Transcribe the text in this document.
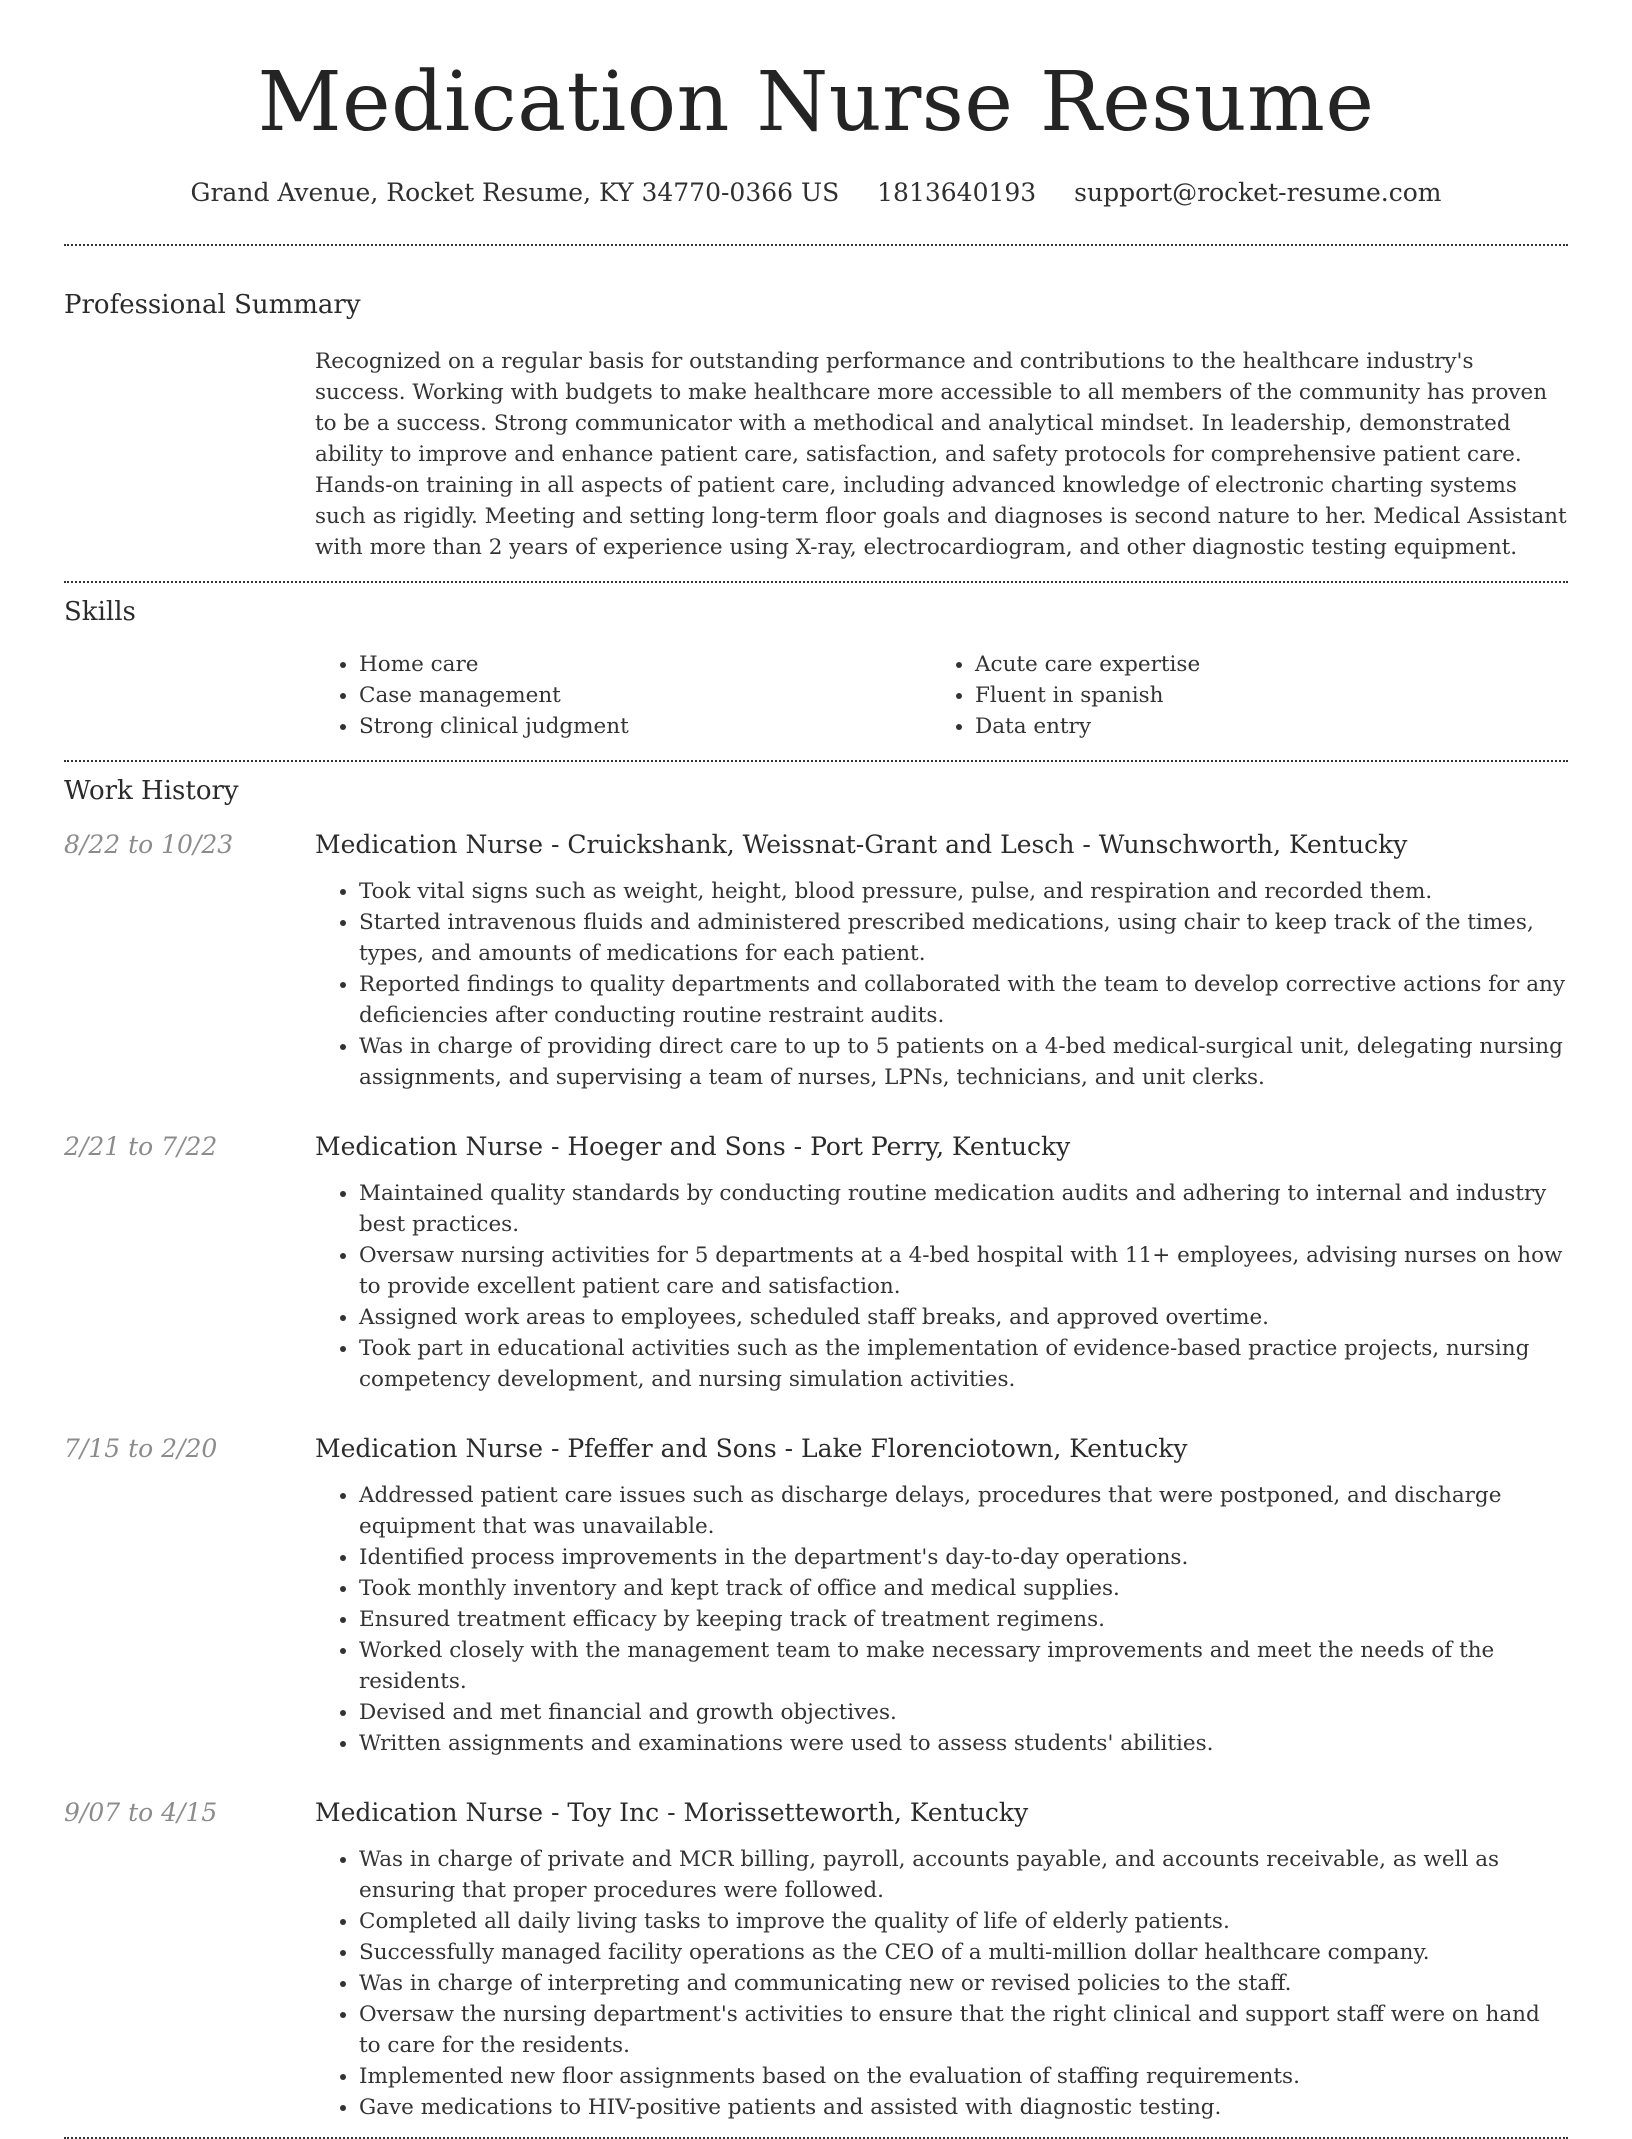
Medication Nurse Resume
Grand Avenue, Rocket Resume, KY 34770-0366 US 1813640193 support@rocket-resume.com
Professional Summary
Recognized on a regular basis for outstanding performance and contributions to the healthcare industry's success. Working with budgets to make healthcare more accessible to all members of the community has proven to be a success. Strong communicator with a methodical and analytical mindset. In leadership, demonstrated ability to improve and enhance patient care, satisfaction, and safety protocols for comprehensive patient care. Hands-on training in all aspects of patient care, including advanced knowledge of electronic charting systems such as rigidly. Meeting and setting long-term floor goals and diagnoses is second nature to her. Medical Assistant with more than 2 years of experience using X-ray, electrocardiogram, and other diagnostic testing equipment.
Skills
• Home care
• Case management
• Strong clinical judgment
• Acute care expertise
• Fluent in spanish
• Data entry
Work History
8/22 to 10/23	Medication Nurse - Cruickshank, Weissnat-Grant and Lesch - Wunschworth, Kentucky
• Took vital signs such as weight, height, blood pressure, pulse, and respiration and recorded them.
• Started intravenous fluids and administered prescribed medications, using chair to keep track of the times, types, and amounts of medications for each patient.
• Reported findings to quality departments and collaborated with the team to develop corrective actions for any deficiencies after conducting routine restraint audits.
• Was in charge of providing direct care to up to 5 patients on a 4-bed medical-surgical unit, delegating nursing assignments, and supervising a team of nurses, LPNs, technicians, and unit clerks.
2/21 to 7/22	Medication Nurse - Hoeger and Sons - Port Perry, Kentucky
• Maintained quality standards by conducting routine medication audits and adhering to internal and industry best practices.
• Oversaw nursing activities for 5 departments at a 4-bed hospital with 11+ employees, advising nurses on how to provide excellent patient care and satisfaction.
• Assigned work areas to employees, scheduled staff breaks, and approved overtime.
• Took part in educational activities such as the implementation of evidence-based practice projects, nursing competency development, and nursing simulation activities.
7/15 to 2/20	Medication Nurse - Pfeffer and Sons - Lake Florenciotown, Kentucky
• Addressed patient care issues such as discharge delays, procedures that were postponed, and discharge equipment that was unavailable.
• Identified process improvements in the department's day-to-day operations.
• Took monthly inventory and kept track of office and medical supplies.
• Ensured treatment efficacy by keeping track of treatment regimens.
• Worked closely with the management team to make necessary improvements and meet the needs of the residents.
• Devised and met financial and growth objectives.
• Written assignments and examinations were used to assess students' abilities.
9/07 to 4/15	Medication Nurse - Toy Inc - Morissetteworth, Kentucky
• Was in charge of private and MCR billing, payroll, accounts payable, and accounts receivable, as well as ensuring that proper procedures were followed.
• Completed all daily living tasks to improve the quality of life of elderly patients.
• Successfully managed facility operations as the CEO of a multi-million dollar healthcare company.
• Was in charge of interpreting and communicating new or revised policies to the staff.
• Oversaw the nursing department's activities to ensure that the right clinical and support staff were on hand to care for the residents.
• Implemented new floor assignments based on the evaluation of staffing requirements.
• Gave medications to HIV-positive patients and assisted with diagnostic testing.
